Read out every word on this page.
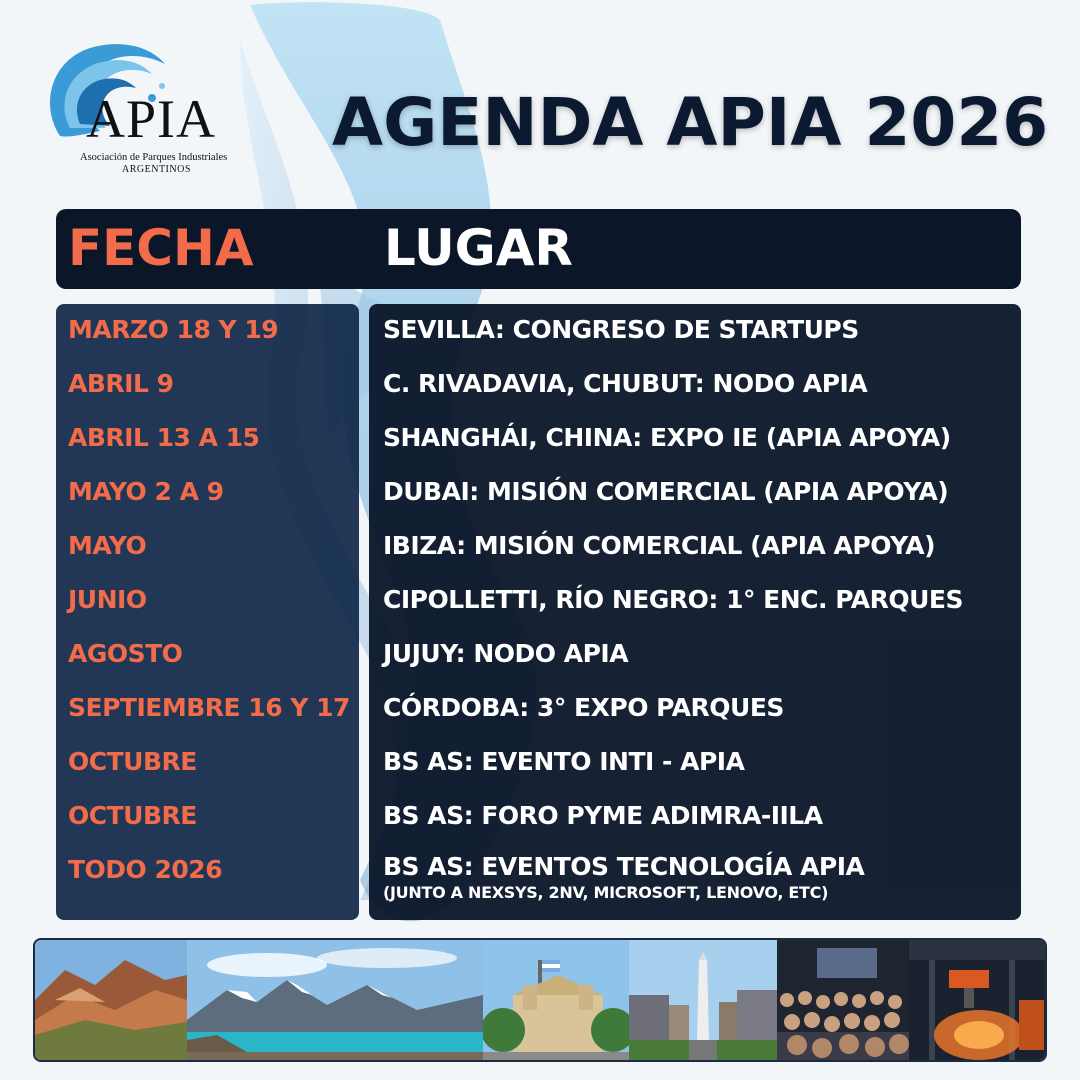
APIA
Asociación de Parques Industriales
ARGENTINOS
AGENDA APIA 2026
FECHA	LUGAR
MARZO 18 Y 19
ABRIL 9
ABRIL 13 A 15
MAYO 2 A 9
MAYO
JUNIO
AGOSTO
SEPTIEMBRE 16 Y 17
OCTUBRE
OCTUBRE
TODO 2026
SEVILLA: CONGRESO DE STARTUPS
C. RIVADAVIA, CHUBUT: NODO APIA
SHANGHÁI, CHINA: EXPO IE (APIA APOYA)
DUBAI: MISIÓN COMERCIAL (APIA APOYA)
IBIZA: MISIÓN COMERCIAL (APIA APOYA)
CIPOLLETTI, RÍO NEGRO: 1° ENC. PARQUES
JUJUY: NODO APIA
CÓRDOBA: 3° EXPO PARQUES
BS AS: EVENTO INTI - APIA
BS AS: FORO PYME ADIMRA-IILA
BS AS: EVENTOS TECNOLOGÍA APIA
(JUNTO A NEXSYS, 2NV, MICROSOFT, LENOVO, ETC)
